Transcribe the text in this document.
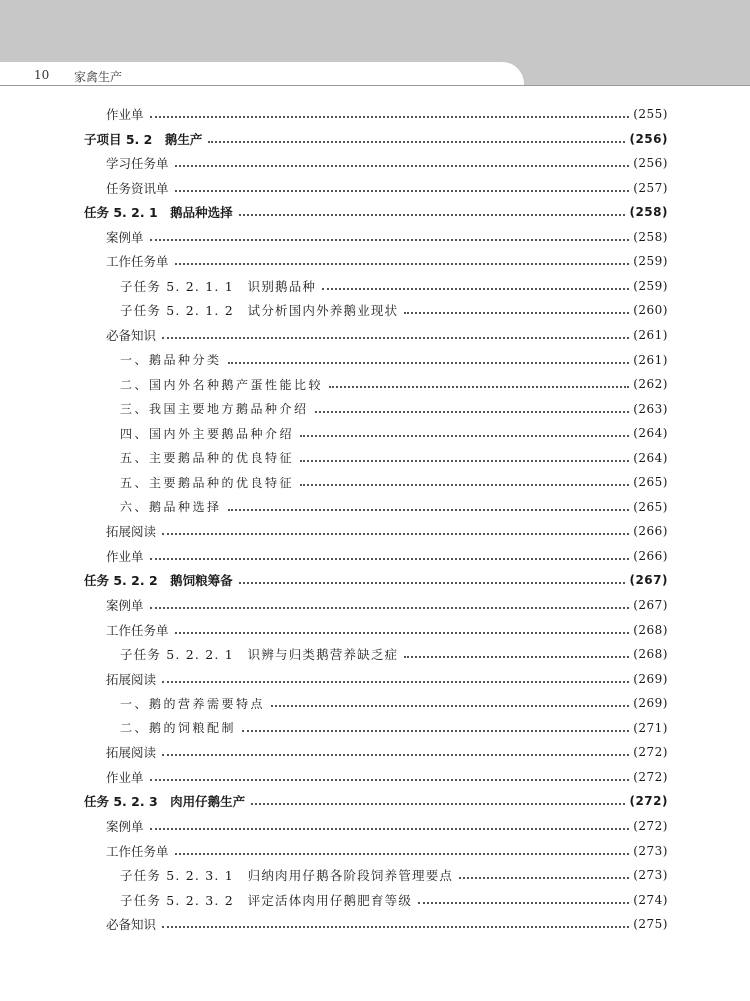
10 家禽生产
作业单	(255)
子项目 5. 2　鹅生产	(256)
学习任务单	(256)
任务资讯单	(257)
任务 5. 2. 1　鹅品种选择	(258)
案例单	(258)
工作任务单	(259)
子任务 5. 2. 1. 1　识别鹅品种	(259)
子任务 5. 2. 1. 2　试分析国内外养鹅业现状	(260)
必备知识	(261)
一、鹅品种分类	(261)
二、国内外名种鹅产蛋性能比较	(262)
三、我国主要地方鹅品种介绍	(263)
四、国内外主要鹅品种介绍	(264)
五、主要鹅品种的优良特征	(264)
五、主要鹅品种的优良特征	(265)
六、鹅品种选择	(265)
拓展阅读	(266)
作业单	(266)
任务 5. 2. 2　鹅饲粮筹备	(267)
案例单	(267)
工作任务单	(268)
子任务 5. 2. 2. 1　识辨与归类鹅营养缺乏症	(268)
拓展阅读	(269)
一、鹅的营养需要特点	(269)
二、鹅的饲粮配制	(271)
拓展阅读	(272)
作业单	(272)
任务 5. 2. 3　肉用仔鹅生产	(272)
案例单	(272)
工作任务单	(273)
子任务 5. 2. 3. 1　归纳肉用仔鹅各阶段饲养管理要点	(273)
子任务 5. 2. 3. 2　评定活体肉用仔鹅肥育等级	(274)
必备知识	(275)
